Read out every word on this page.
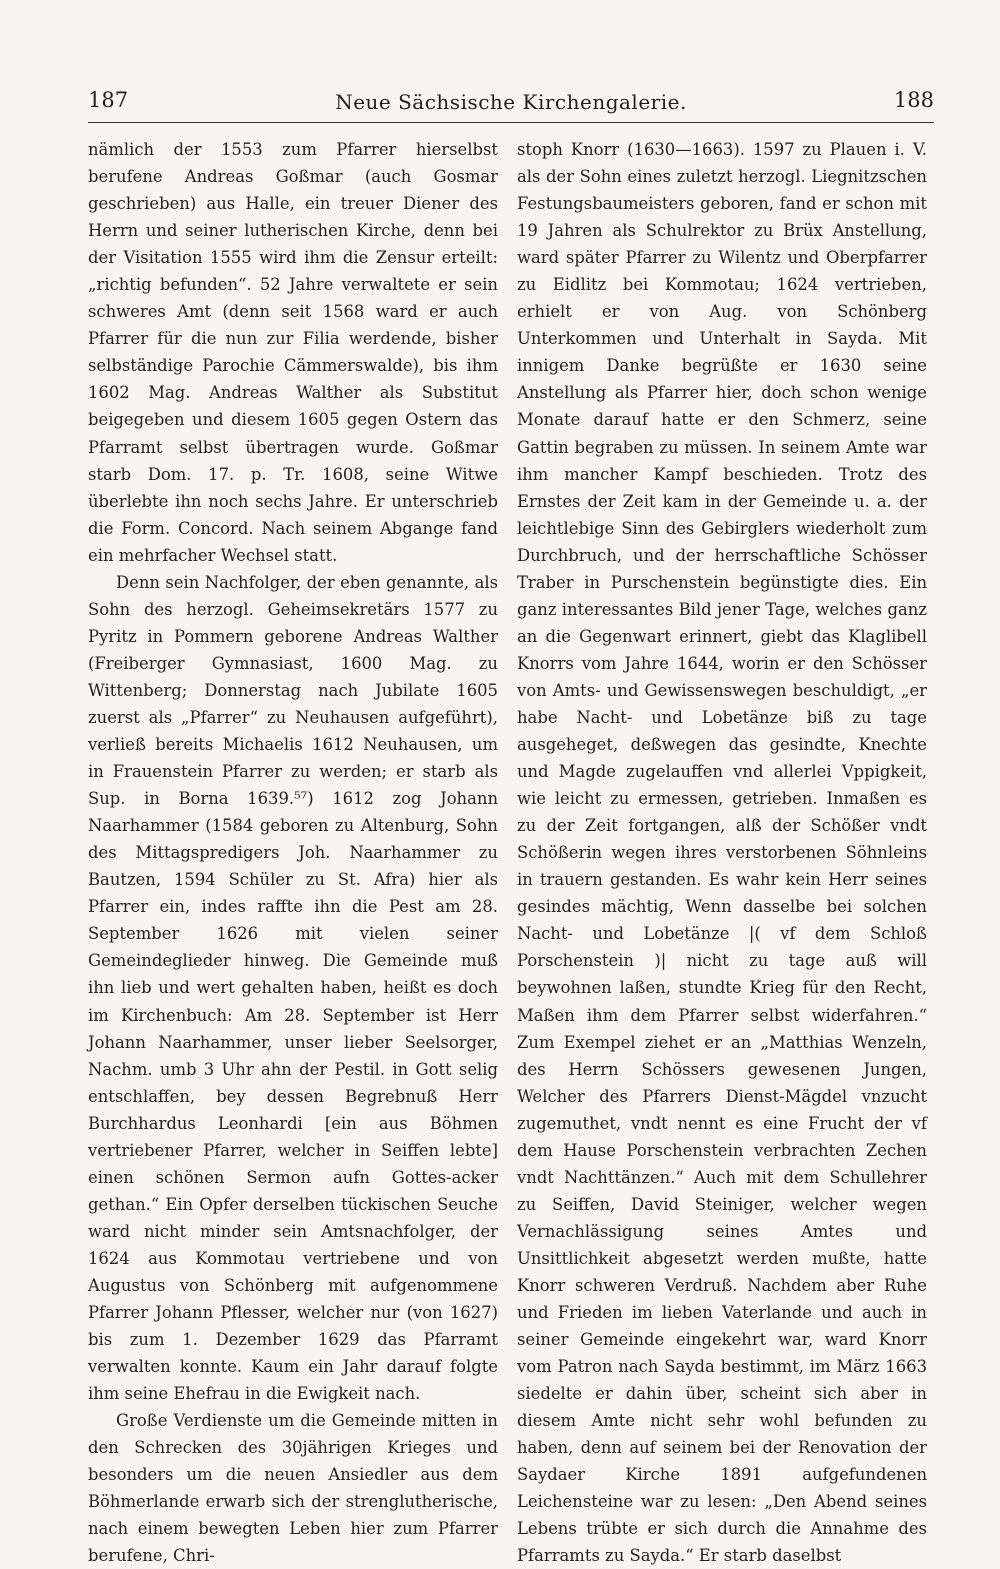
187	Neue Sächsische Kirchengalerie.	188

nämlich der 1553 zum Pfarrer hierselbst berufene Andreas Goßmar (auch Gosmar geschrieben) aus Halle, ein treuer Diener des Herrn und seiner lutherischen Kirche, denn bei der Visitation 1555 wird ihm die Zensur erteilt: „richtig befunden“. 52 Jahre verwaltete er sein schweres Amt (denn seit 1568 ward er auch Pfarrer für die nun zur Filia werdende, bisher selbständige Parochie Cämmerswalde), bis ihm 1602 Mag. Andreas Walther als Substitut beigegeben und diesem 1605 gegen Ostern das Pfarramt selbst übertragen wurde. Goßmar starb Dom. 17. p. Tr. 1608, seine Witwe überlebte ihn noch sechs Jahre. Er unterschrieb die Form. Concord. Nach seinem Abgange fand ein mehrfacher Wechsel statt.

Denn sein Nachfolger, der eben genannte, als Sohn des herzogl. Geheimsekretärs 1577 zu Pyritz in Pommern geborene Andreas Walther (Freiberger Gymnasiast, 1600 Mag. zu Wittenberg; Donnerstag nach Jubilate 1605 zuerst als „Pfarrer“ zu Neuhausen aufgeführt), verließ bereits Michaelis 1612 Neuhausen, um in Frauenstein Pfarrer zu werden; er starb als Sup. in Borna 1639.⁵⁷) 1612 zog Johann Naarhammer (1584 geboren zu Altenburg, Sohn des Mittagspredigers Joh. Naarhammer zu Bautzen, 1594 Schüler zu St. Afra) hier als Pfarrer ein, indes raffte ihn die Pest am 28. September 1626 mit vielen seiner Gemeindeglieder hinweg. Die Gemeinde muß ihn lieb und wert gehalten haben, heißt es doch im Kirchenbuch: Am 28. September ist Herr Johann Naarhammer, unser lieber Seelsorger, Nachm. umb 3 Uhr ahn der Pestil. in Gott selig entschlaffen, bey dessen Begrebnuß Herr Burchhardus Leonhardi [ein aus Böhmen vertriebener Pfarrer, welcher in Seiffen lebte] einen schönen Sermon aufn Gottes-acker gethan.“ Ein Opfer derselben tückischen Seuche ward nicht minder sein Amtsnachfolger, der 1624 aus Kommotau vertriebene und von Augustus von Schönberg mit aufgenommene Pfarrer Johann Pflesser, welcher nur (von 1627) bis zum 1. Dezember 1629 das Pfarramt verwalten konnte. Kaum ein Jahr darauf folgte ihm seine Ehefrau in die Ewigkeit nach.

Große Verdienste um die Gemeinde mitten in den Schrecken des 30jährigen Krieges und besonders um die neuen Ansiedler aus dem Böhmerlande erwarb sich der strenglutherische, nach einem bewegten Leben hier zum Pfarrer berufene, Chri-

stoph Knorr (1630—1663). 1597 zu Plauen i. V. als der Sohn eines zuletzt herzogl. Liegnitzschen Festungsbaumeisters geboren, fand er schon mit 19 Jahren als Schulrektor zu Brüx Anstellung, ward später Pfarrer zu Wilentz und Oberpfarrer zu Eidlitz bei Kommotau; 1624 vertrieben, erhielt er von Aug. von Schönberg Unterkommen und Unterhalt in Sayda. Mit innigem Danke begrüßte er 1630 seine Anstellung als Pfarrer hier, doch schon wenige Monate darauf hatte er den Schmerz, seine Gattin begraben zu müssen. In seinem Amte war ihm mancher Kampf beschieden. Trotz des Ernstes der Zeit kam in der Gemeinde u. a. der leichtlebige Sinn des Gebirglers wiederholt zum Durchbruch, und der herrschaftliche Schösser Traber in Purschenstein begünstigte dies. Ein ganz interessantes Bild jener Tage, welches ganz an die Gegenwart erinnert, giebt das Klaglibell Knorrs vom Jahre 1644, worin er den Schösser von Amts- und Gewissenswegen beschuldigt, „er habe Nacht- und Lobetänze biß zu tage ausgeheget, deßwegen das gesindte, Knechte und Magde zugelauffen vnd allerlei Vppigkeit, wie leicht zu ermessen, getrieben. Inmaßen es zu der Zeit fortgangen, alß der Schößer vndt Schößerin wegen ihres verstorbenen Söhnleins in trauern gestanden. Es wahr kein Herr seines gesindes mächtig, Wenn dasselbe bei solchen Nacht- und Lobetänze |( vf dem Schloß Porschenstein )| nicht zu tage auß will beywohnen laßen, stundte Krieg für den Recht, Maßen ihm dem Pfarrer selbst widerfahren.“ Zum Exempel ziehet er an „Matthias Wenzeln, des Herrn Schössers gewesenen Jungen, Welcher des Pfarrers Dienst-Mägdel vnzucht zugemuthet, vndt nennt es eine Frucht der vf dem Hause Porschenstein verbrachten Zechen vndt Nachttänzen.“ Auch mit dem Schullehrer zu Seiffen, David Steiniger, welcher wegen Vernachlässigung seines Amtes und Unsittlichkeit abgesetzt werden mußte, hatte Knorr schweren Verdruß. Nachdem aber Ruhe und Frieden im lieben Vaterlande und auch in seiner Gemeinde eingekehrt war, ward Knorr vom Patron nach Sayda bestimmt, im März 1663 siedelte er dahin über, scheint sich aber in diesem Amte nicht sehr wohl befunden zu haben, denn auf seinem bei der Renovation der Saydaer Kirche 1891 aufgefundenen Leichensteine war zu lesen: „Den Abend seines Lebens trübte er sich durch die Annahme des Pfarramts zu Sayda.“ Er starb daselbst
